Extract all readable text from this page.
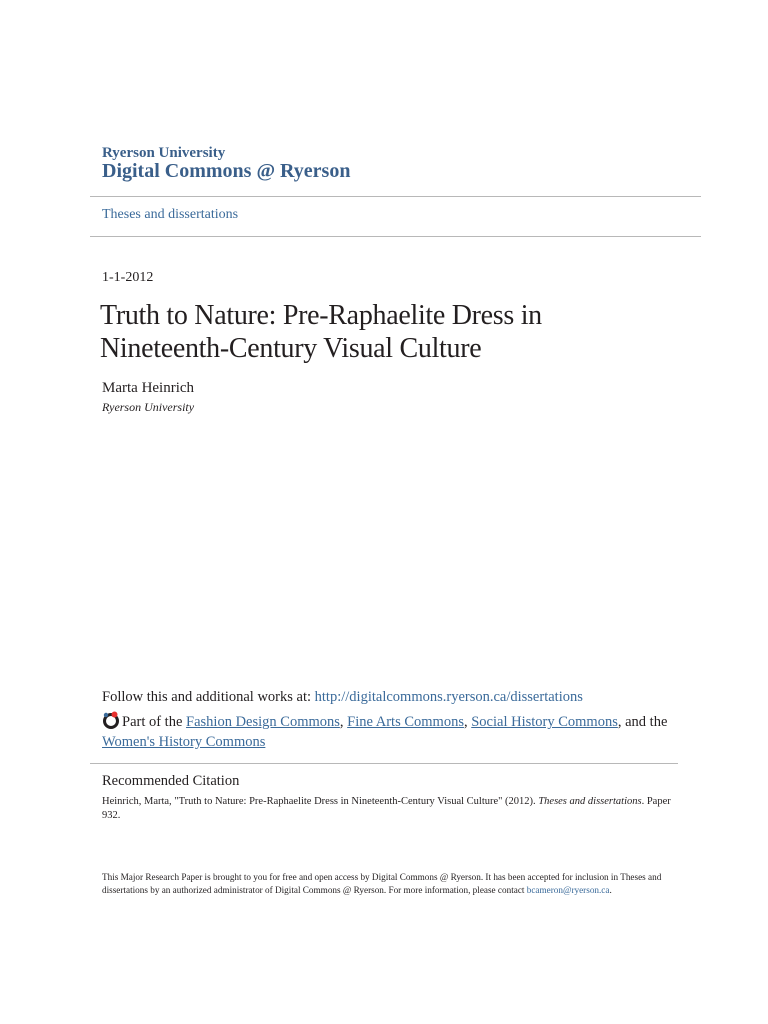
Ryerson University
Digital Commons @ Ryerson
Theses and dissertations
1-1-2012
Truth to Nature: Pre-Raphaelite Dress in
Nineteenth-Century Visual Culture
Marta Heinrich
Ryerson University
Follow this and additional works at: http://digitalcommons.ryerson.ca/dissertations
Part of the Fashion Design Commons, Fine Arts Commons, Social History Commons, and the
Women's History Commons
Recommended Citation
Heinrich, Marta, "Truth to Nature: Pre-Raphaelite Dress in Nineteenth-Century Visual Culture" (2012). Theses and dissertations. Paper 932.
This Major Research Paper is brought to you for free and open access by Digital Commons @ Ryerson. It has been accepted for inclusion in Theses and dissertations by an authorized administrator of Digital Commons @ Ryerson. For more information, please contact bcameron@ryerson.ca.
